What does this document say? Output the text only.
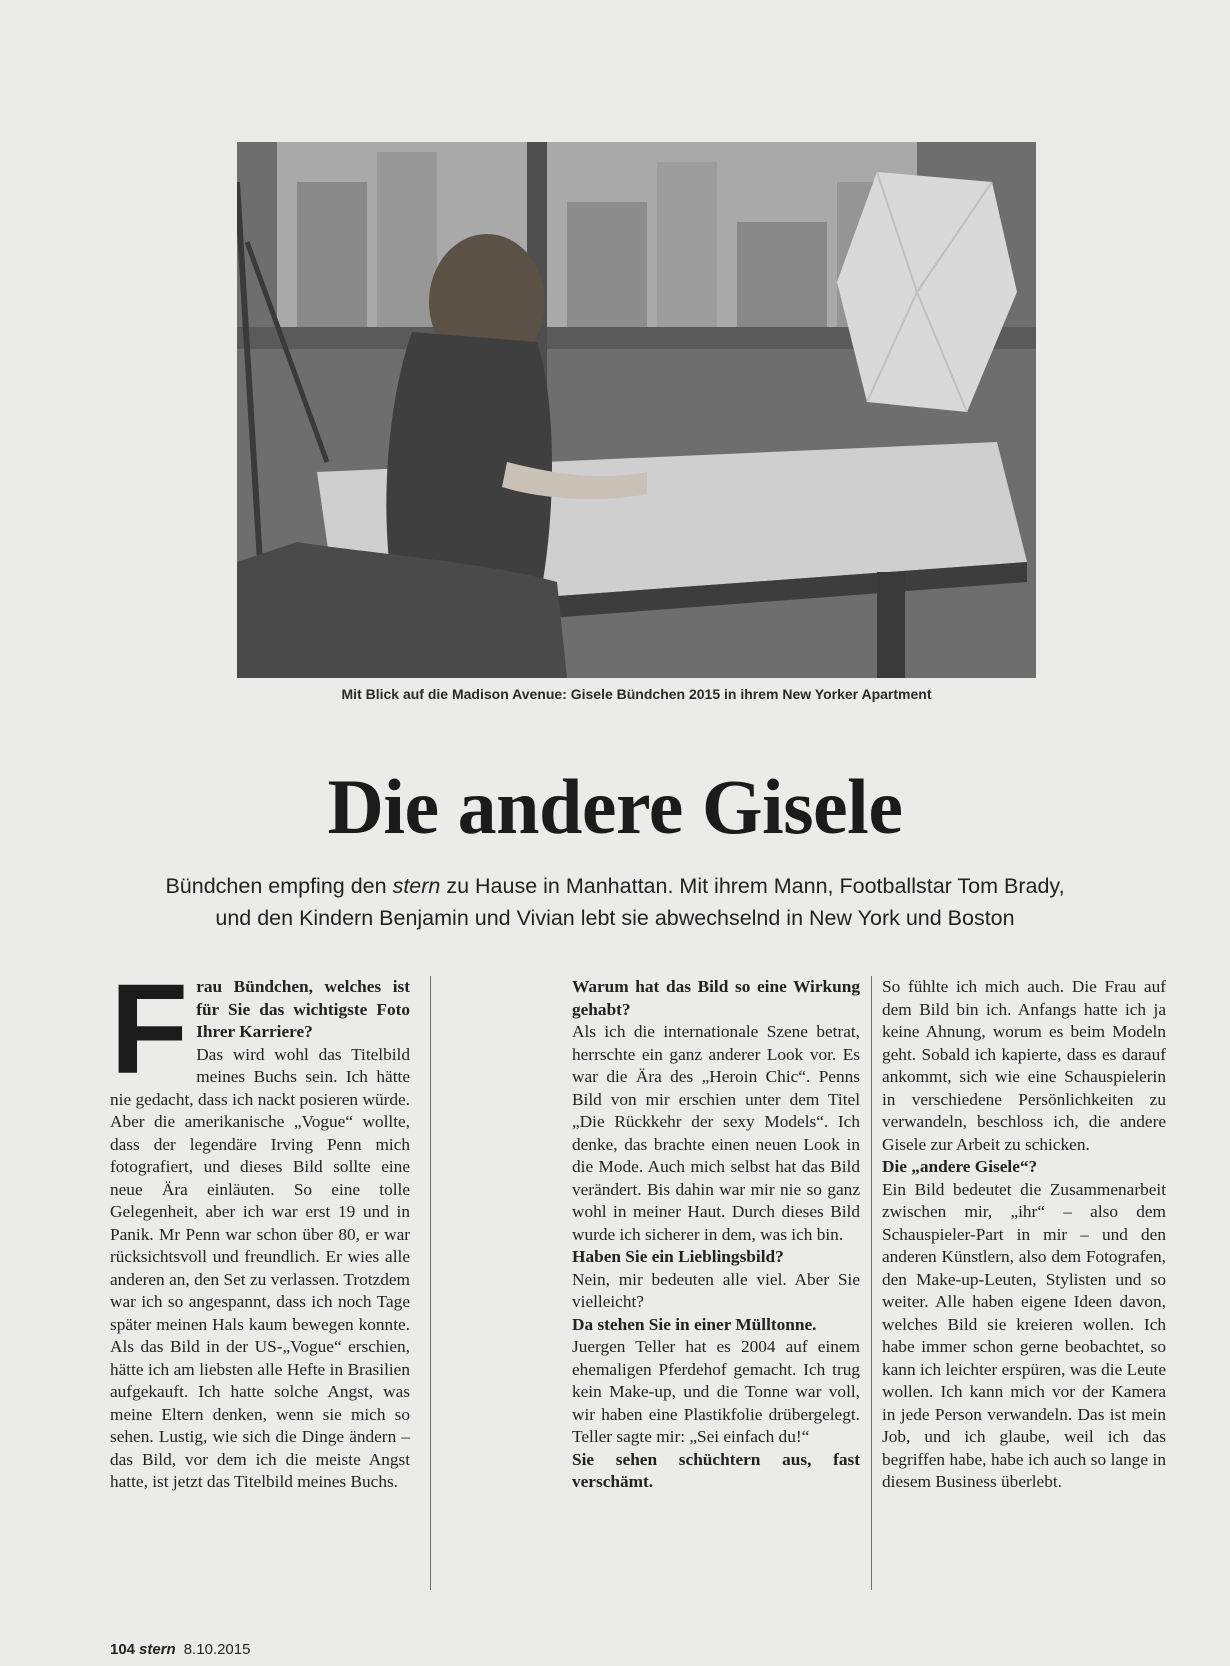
Mit Blick auf die Madison Avenue: Gisele Bündchen 2015 in ihrem New Yorker Apartment
Die andere Gisele
Bündchen empfing den stern zu Hause in Manhattan. Mit ihrem Mann, Footballstar Tom Brady,
und den Kindern Benjamin und Vivian lebt sie abwechselnd in New York und Boston
F rau Bündchen, welches ist für Sie das wichtigste Foto Ihrer Karriere?

Das wird wohl das Titelbild meines Buchs sein. Ich hätte nie gedacht, dass ich nackt posieren würde. Aber die amerikanische „Vogue“ wollte, dass der legendäre Irving Penn mich fotografiert, und dieses Bild sollte eine neue Ära einläuten. So eine tolle Gelegenheit, aber ich war erst 19 und in Panik. Mr Penn war schon über 80, er war rücksichtsvoll und freundlich. Er wies alle anderen an, den Set zu verlassen. Trotzdem war ich so angespannt, dass ich noch Tage später meinen Hals kaum bewegen konnte. Als das Bild in der US-„Vogue“ erschien, hätte ich am liebsten alle Hefte in Brasilien aufgekauft. Ich hatte solche Angst, was meine Eltern denken, wenn sie mich so sehen. Lustig, wie sich die Dinge ändern – das Bild, vor dem ich die meiste Angst hatte, ist jetzt das Titelbild meines Buchs.

Warum hat das Bild so eine Wirkung gehabt?

Als ich die internationale Szene betrat, herrschte ein ganz anderer Look vor. Es war die Ära des „Heroin Chic“. Penns Bild von mir erschien unter dem Titel „Die Rückkehr der sexy Models“. Ich denke, das brachte einen neuen Look in die Mode. Auch mich selbst hat das Bild verändert. Bis dahin war mir nie so ganz wohl in meiner Haut. Durch dieses Bild wurde ich sicherer in dem, was ich bin.

Haben Sie ein Lieblingsbild?

Nein, mir bedeuten alle viel. Aber Sie vielleicht?

Da stehen Sie in einer Mülltonne.

Juergen Teller hat es 2004 auf einem ehemaligen Pferdehof gemacht. Ich trug kein Make-up, und die Tonne war voll, wir haben eine Plastikfolie drübergelegt. Teller sagte mir: „Sei einfach du!“

Sie sehen schüchtern aus, fast verschämt.

So fühlte ich mich auch. Die Frau auf dem Bild bin ich. Anfangs hatte ich ja keine Ahnung, worum es beim Modeln geht. Sobald ich kapierte, dass es darauf ankommt, sich wie eine Schauspielerin in verschiedene Persönlichkeiten zu verwandeln, beschloss ich, die andere Gisele zur Arbeit zu schicken.

Die „andere Gisele“?

Ein Bild bedeutet die Zusammenarbeit zwischen mir, „ihr“ – also dem Schauspieler-Part in mir – und den anderen Künstlern, also dem Fotografen, den Make-up-Leuten, Stylisten und so weiter. Alle haben eigene Ideen davon, welches Bild sie kreieren wollen. Ich habe immer schon gerne beobachtet, so kann ich leichter erspüren, was die Leute wollen. Ich kann mich vor der Kamera in jede Person verwandeln. Das ist mein Job, und ich glaube, weil ich das begriffen habe, habe ich auch so lange in diesem Business überlebt.

104 stern 8.10.2015
